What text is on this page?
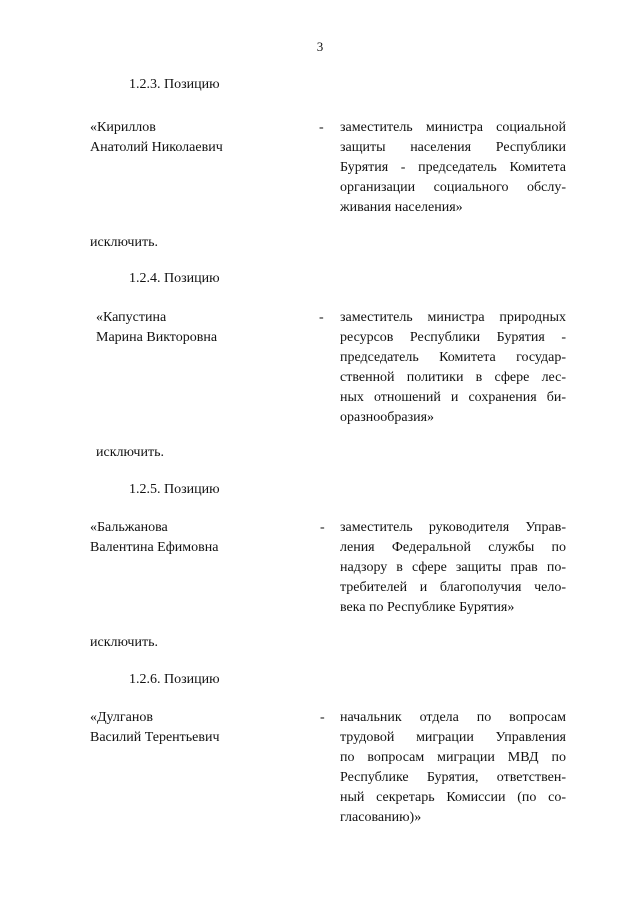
3
1.2.3. Позицию
«Кириллов
Анатолий Николаевич
- заместитель министра социальной
защиты населения Республики
Бурятия - председатель Комитета
организации социального обслу-
живания населения»
исключить.
1.2.4. Позицию
«Капустина
Марина Викторовна
- заместитель министра природных
ресурсов Республики Бурятия -
председатель Комитета государ-
ственной политики в сфере лес-
ных отношений и сохранения би-
оразнообразия»
исключить.
1.2.5. Позицию
«Бальжанова
Валентина Ефимовна
- заместитель руководителя Управ-
ления Федеральной службы по
надзору в сфере защиты прав по-
требителей и благополучия чело-
века по Республике Бурятия»
исключить.
1.2.6. Позицию
«Дулганов
Василий Терентьевич
- начальник отдела по вопросам
трудовой миграции Управления
по вопросам миграции МВД по
Республике Бурятия, ответствен-
ный секретарь Комиссии (по со-
гласованию)»
